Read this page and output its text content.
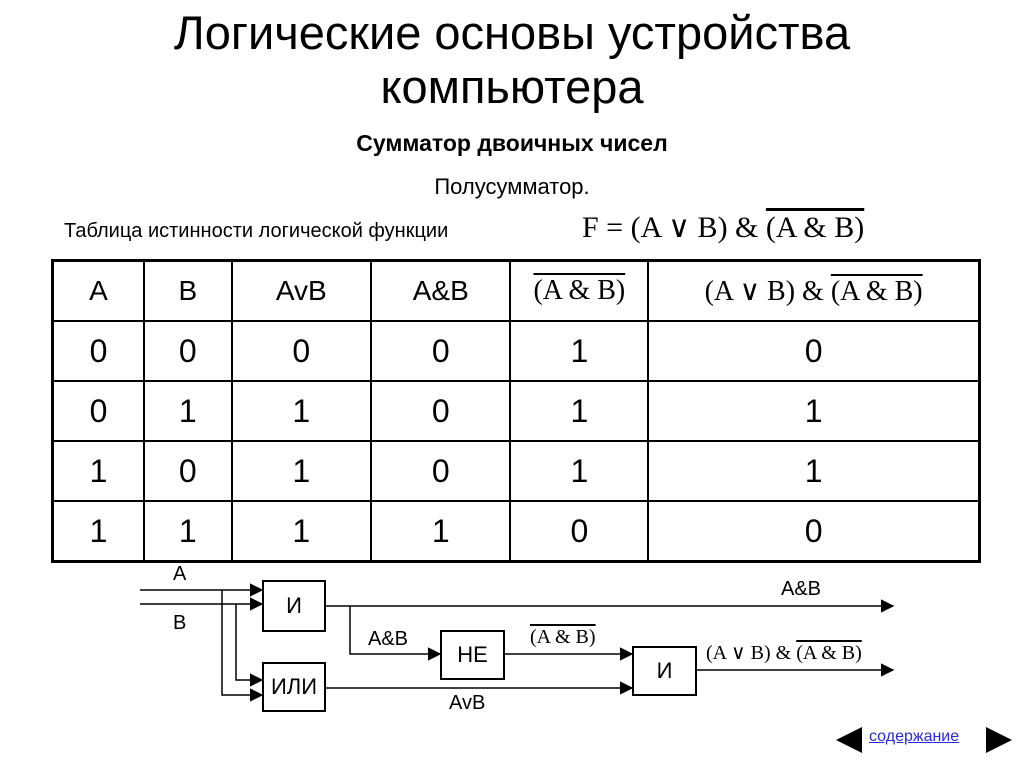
Логические основы устройства
компьютера
Сумматор двоичных чисел
Полусумматор.
Таблица истинности логической функции	F = (A ∨ B) & (A & B)
A	B	AvB	A&B	(A & B)	(A ∨ B) & (A & B)
0	0	0	0	1	0
0	1	1	0	1	1
1	0	1	0	1	1
1	1	1	1	0	0
A
B
И
ИЛИ
НЕ
И
A&B
A&B
AvB
(A & B)
(A ∨ B) & (A & B)
содержание
